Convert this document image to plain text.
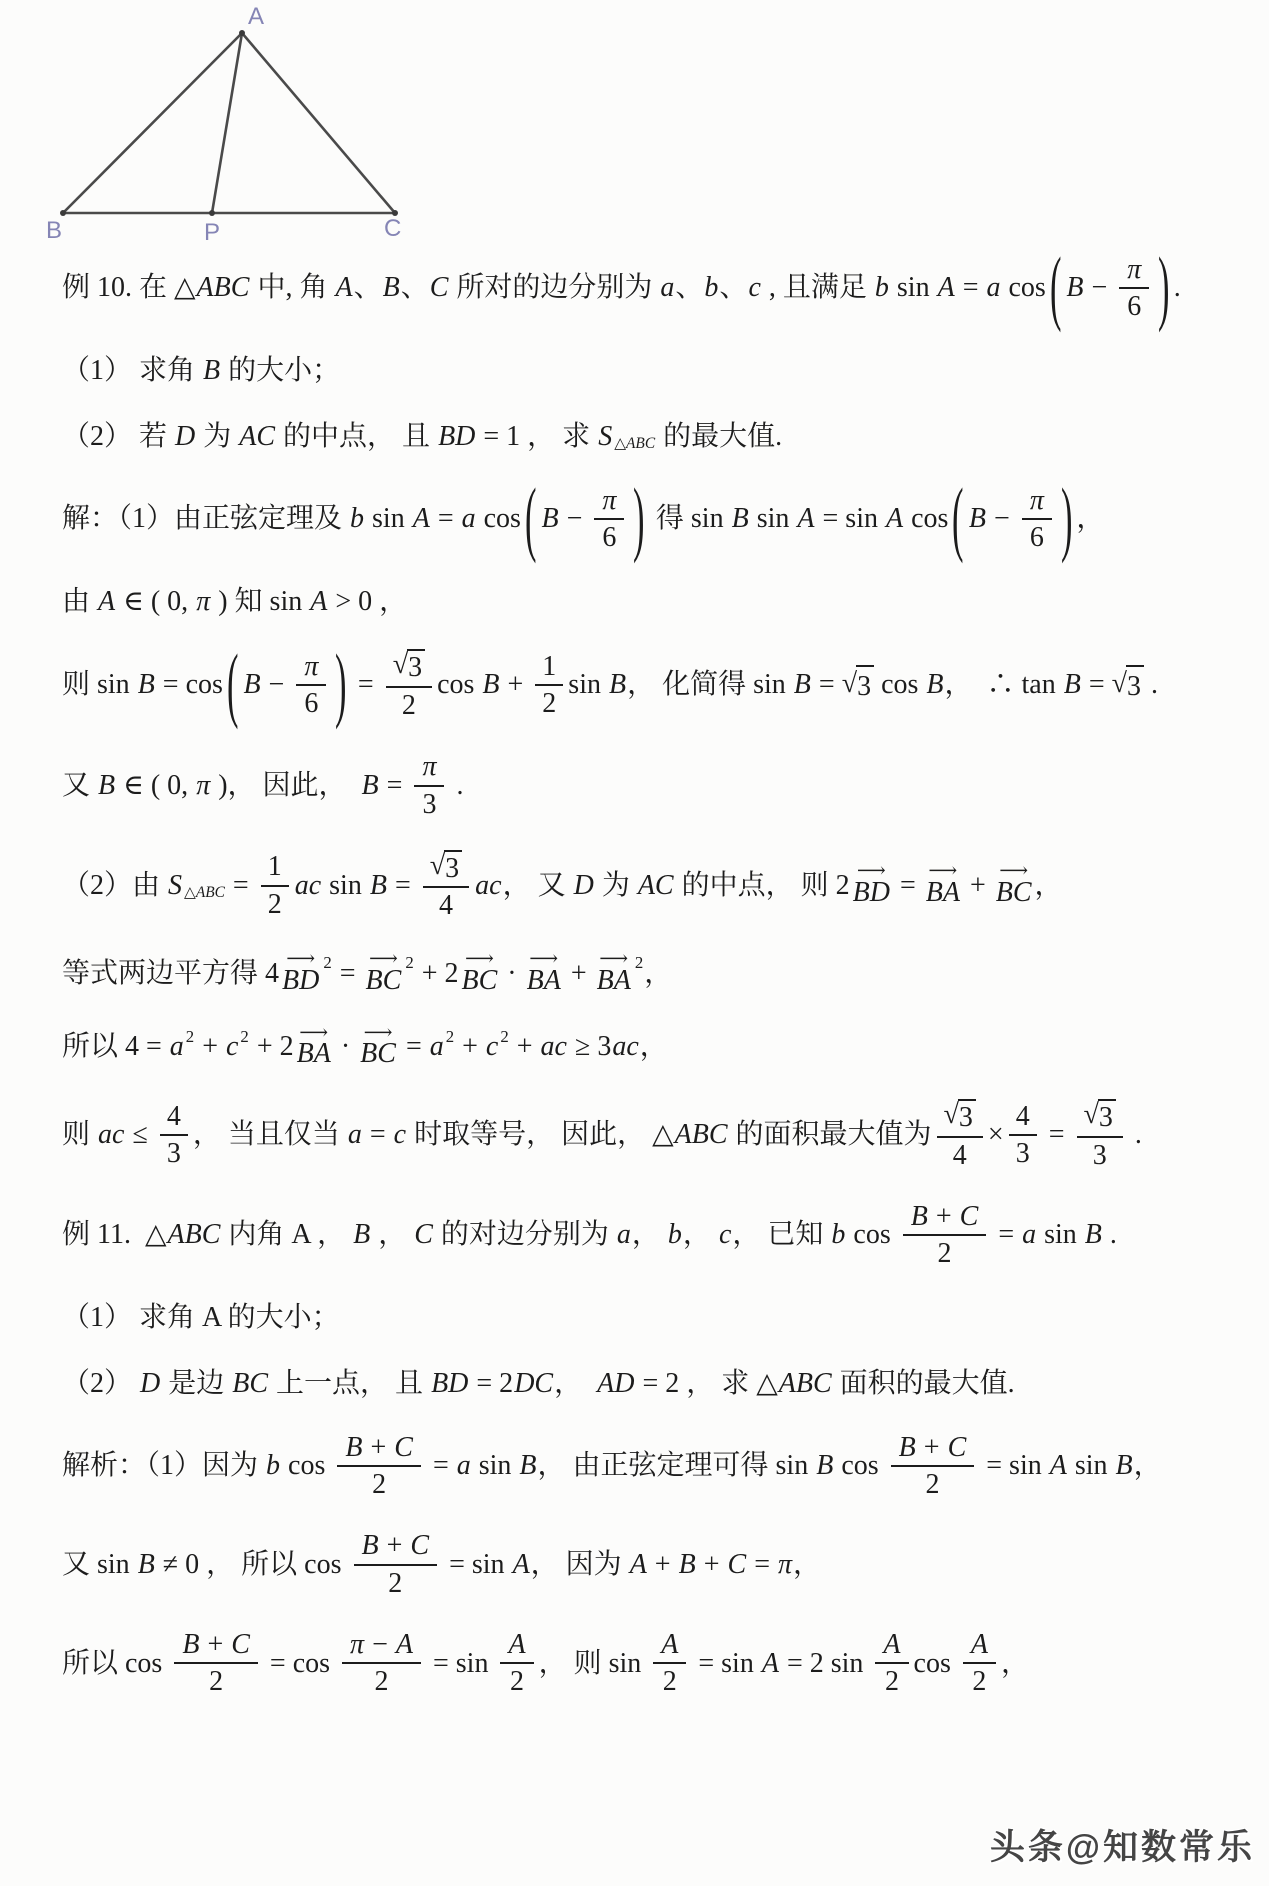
A
B	P	C
例 10. 在 △ ABC 中, 角 A 、 B 、 C 所对的边分别为 a 、 b 、 c , 且满足 b sin A = a cos ( $B - \frac{\pi}{6}$ ) .
（1） 求角 B 的大小；
（2） 若 D 为 AC 的中点， 且 BD = 1 ， 求 S △ABC 的最大值.
解：（1）由正弦定理及 b sin A = a cos ( $B - \frac{\pi}{6}$ ) 得 sin B sin A = sin A cos ( $B - \frac{\pi}{6}$ ) ，
由 A ∈ ( 0, π ) 知 sin A > 0 ，
则 sin B = cos ( $B - \frac{\pi}{6}$ ) = $\frac{√ 3}{2}$ $\cos B + \frac{1}{2}$ sin B ， 化简得 sin B = √ 3 cos B ，  ∴ tan B = √ 3 .
又 B ∈ ( 0, π )， 因此， $B = \frac{\pi}{3}$ .
（2）由 S △ABC = $\frac{1}{2}$ ac $\sin B = \frac{√ 3}{4}$ ac ， 又 D 为 AC 的中点， 则 2 ⟶ BD = ⟶ BA + ⟶ BC ，
等式两边平方得 4 ⟶ BD
2 = ⟶ BC
2 + 2 ⟶ BC · ⟶ BA + ⟶ BA
2 ，
所以 4 = a 2 + c 2 + 2 ⟶ BA · ⟶ BC = a 2 + c 2 + ac ≥ 3 ac ，
则 ac ≤ $\frac{4}{3}$ ， 当且仅当 a = c 时取等号， 因此， △ ABC 的面积最大值为 $\frac{√ 3}{4} \times \frac{4}{3} = \frac{√ 3}{3}$ .
例 11.  △ ABC 内角 A ， B ， C 的对边分别为 a ， b ， c ， 已知 b $\cos \frac{B + C}{2} = a$ sin B .
（1） 求角 A 的大小；
（2） D 是边 BC 上一点， 且 BD = 2 DC ， AD = 2 ， 求 △ ABC 面积的最大值.
解析：（1）因为 b $\cos \frac{B + C}{2} = a$ sin B ， 由正弦定理可得 sin B $\cos \frac{B + C}{2} = \sin A$ sin B ，
又 sin B ≠ 0 ， 所以 $\cos \frac{B + C}{2} = \sin A$ ， 因为 A + B + C = π ，
所以 $\cos \frac{B + C}{2} = \cos \frac{\pi - A}{2} = \sin \frac{A}{2}$ ， 则 $\sin \frac{A}{2} = \sin A = 2$ $\sin \frac{A}{2}$ $\cos \frac{A}{2}$ ，
头条@知数常乐
